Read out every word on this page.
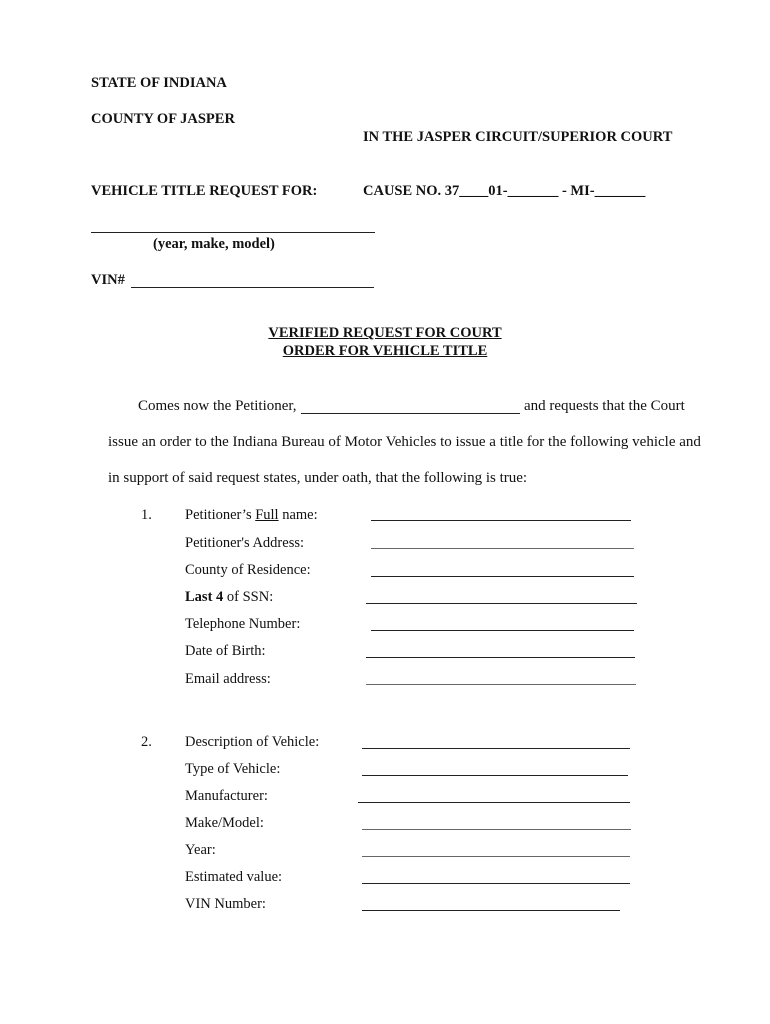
STATE OF INDIANA
COUNTY OF JASPER
IN THE JASPER CIRCUIT/SUPERIOR COURT
VEHICLE TITLE REQUEST FOR:	CAUSE NO. 37____01-_______ - MI-_______
(year, make, model)
VIN#
VERIFIED REQUEST FOR COURT
ORDER FOR VEHICLE TITLE
Comes now the Petitioner,	and requests that the Court
issue an order to the Indiana Bureau of Motor Vehicles to issue a title for the following vehicle and
in support of said request states, under oath, that the following is true:
1. Petitioner’s Full name:
Petitioner's Address:
County of Residence:
Last 4 of SSN:
Telephone Number:
Date of Birth:
Email address:
2. Description of Vehicle:
Type of Vehicle:
Manufacturer:
Make/Model:
Year:
Estimated value:
VIN Number:
